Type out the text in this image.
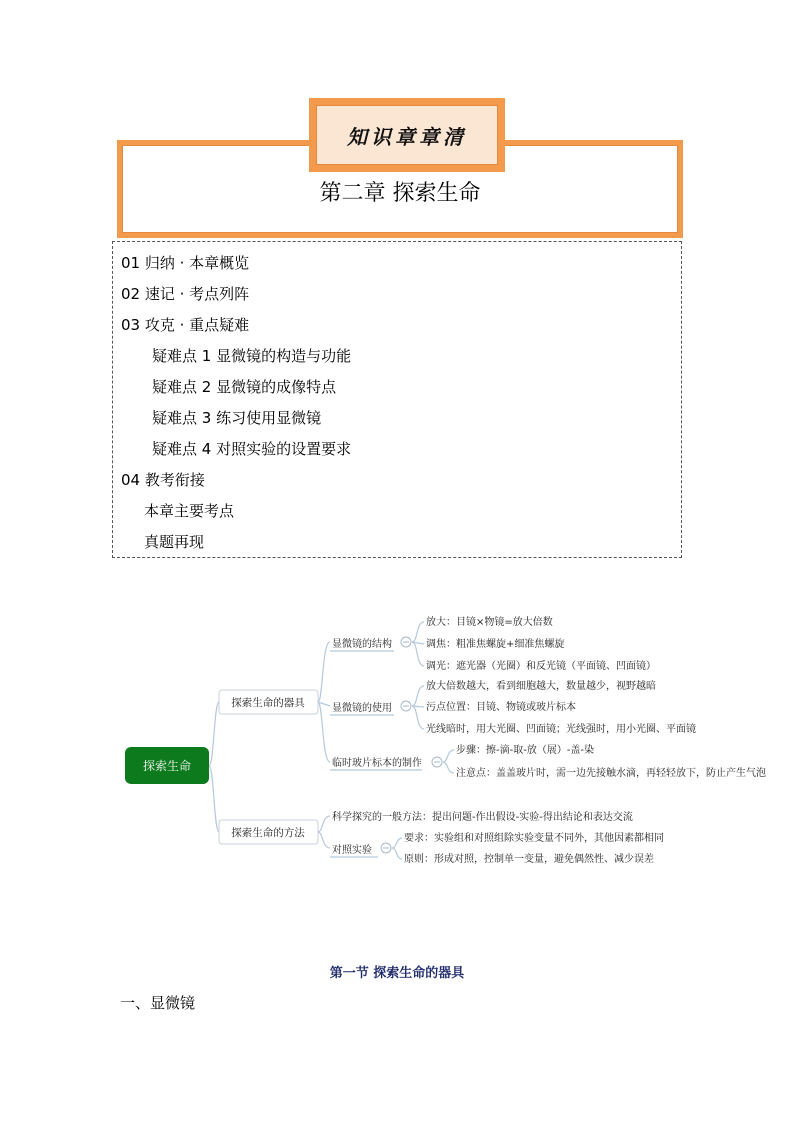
知识章章清
第二章 探索生命
01 归纳 · 本章概览
02 速记 · 考点列阵
03 攻克 · 重点疑难
疑难点 1 显微镜的构造与功能
疑难点 2 显微镜的成像特点
疑难点 3 练习使用显微镜
疑难点 4 对照实验的设置要求
04 教考衔接
本章主要考点
真题再现
探索生命
探索生命的器具
探索生命的方法
显微镜的结构
显微镜的使用
临时玻片标本的制作
科学探究的一般方法：提出问题-作出假设-实验-得出结论和表达交流
对照实验
放大：目镜×物镜=放大倍数
调焦：粗准焦螺旋+细准焦螺旋
调光：遮光器（光圈）和反光镜（平面镜、凹面镜）
放大倍数越大，看到细胞越大，数量越少，视野越暗
污点位置：目镜、物镜或玻片标本
光线暗时，用大光圈、凹面镜；光线强时，用小光圈、平面镜
步骤：擦-滴-取-放（展）-盖-染
注意点：盖盖玻片时，需一边先接触水滴，再轻轻放下，防止产生气泡
要求：实验组和对照组除实验变量不同外，其他因素都相同
原则：形成对照，控制单一变量，避免偶然性、减少误差
第一节 探索生命的器具
一、显微镜
